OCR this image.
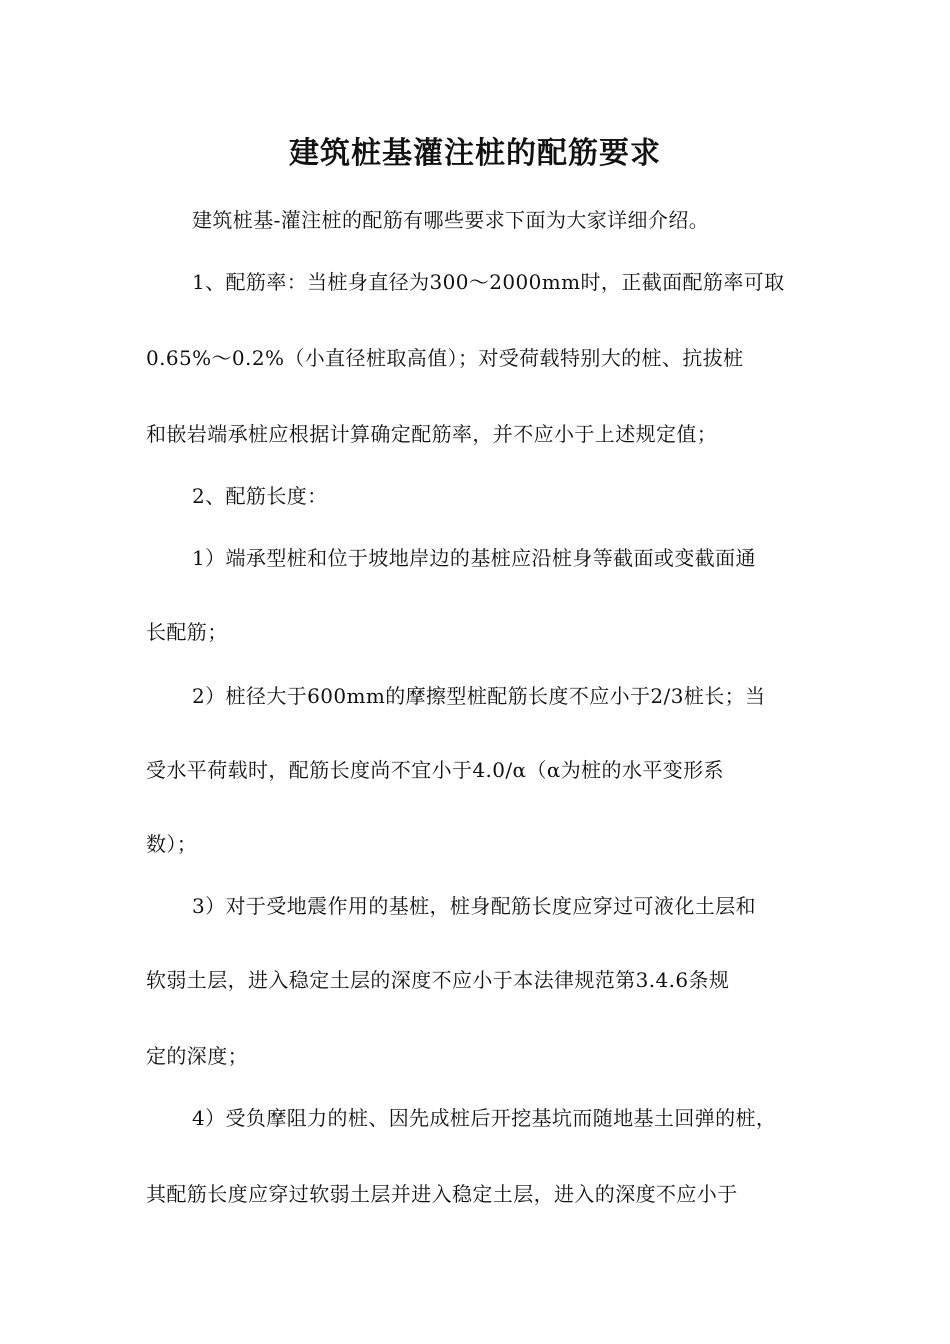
建筑桩基灌注桩的配筋要求
建筑桩基-灌注桩的配筋有哪些要求下面为大家详细介绍。
1、配筋率：当桩身直径为300～2000mm时，正截面配筋率可取
0.65%～0.2%（小直径桩取高值）；对受荷载特别大的桩、抗拔桩
和嵌岩端承桩应根据计算确定配筋率，并不应小于上述规定值；
2、配筋长度：
1）端承型桩和位于坡地岸边的基桩应沿桩身等截面或变截面通
长配筋；
2）桩径大于600mm的摩擦型桩配筋长度不应小于2/3桩长；当
受水平荷载时，配筋长度尚不宜小于4.0/α（α为桩的水平变形系
数）；
3）对于受地震作用的基桩，桩身配筋长度应穿过可液化土层和
软弱土层，进入稳定土层的深度不应小于本法律规范第3.4.6条规
定的深度；
4）受负摩阻力的桩、因先成桩后开挖基坑而随地基土回弹的桩，
其配筋长度应穿过软弱土层并进入稳定土层，进入的深度不应小于
